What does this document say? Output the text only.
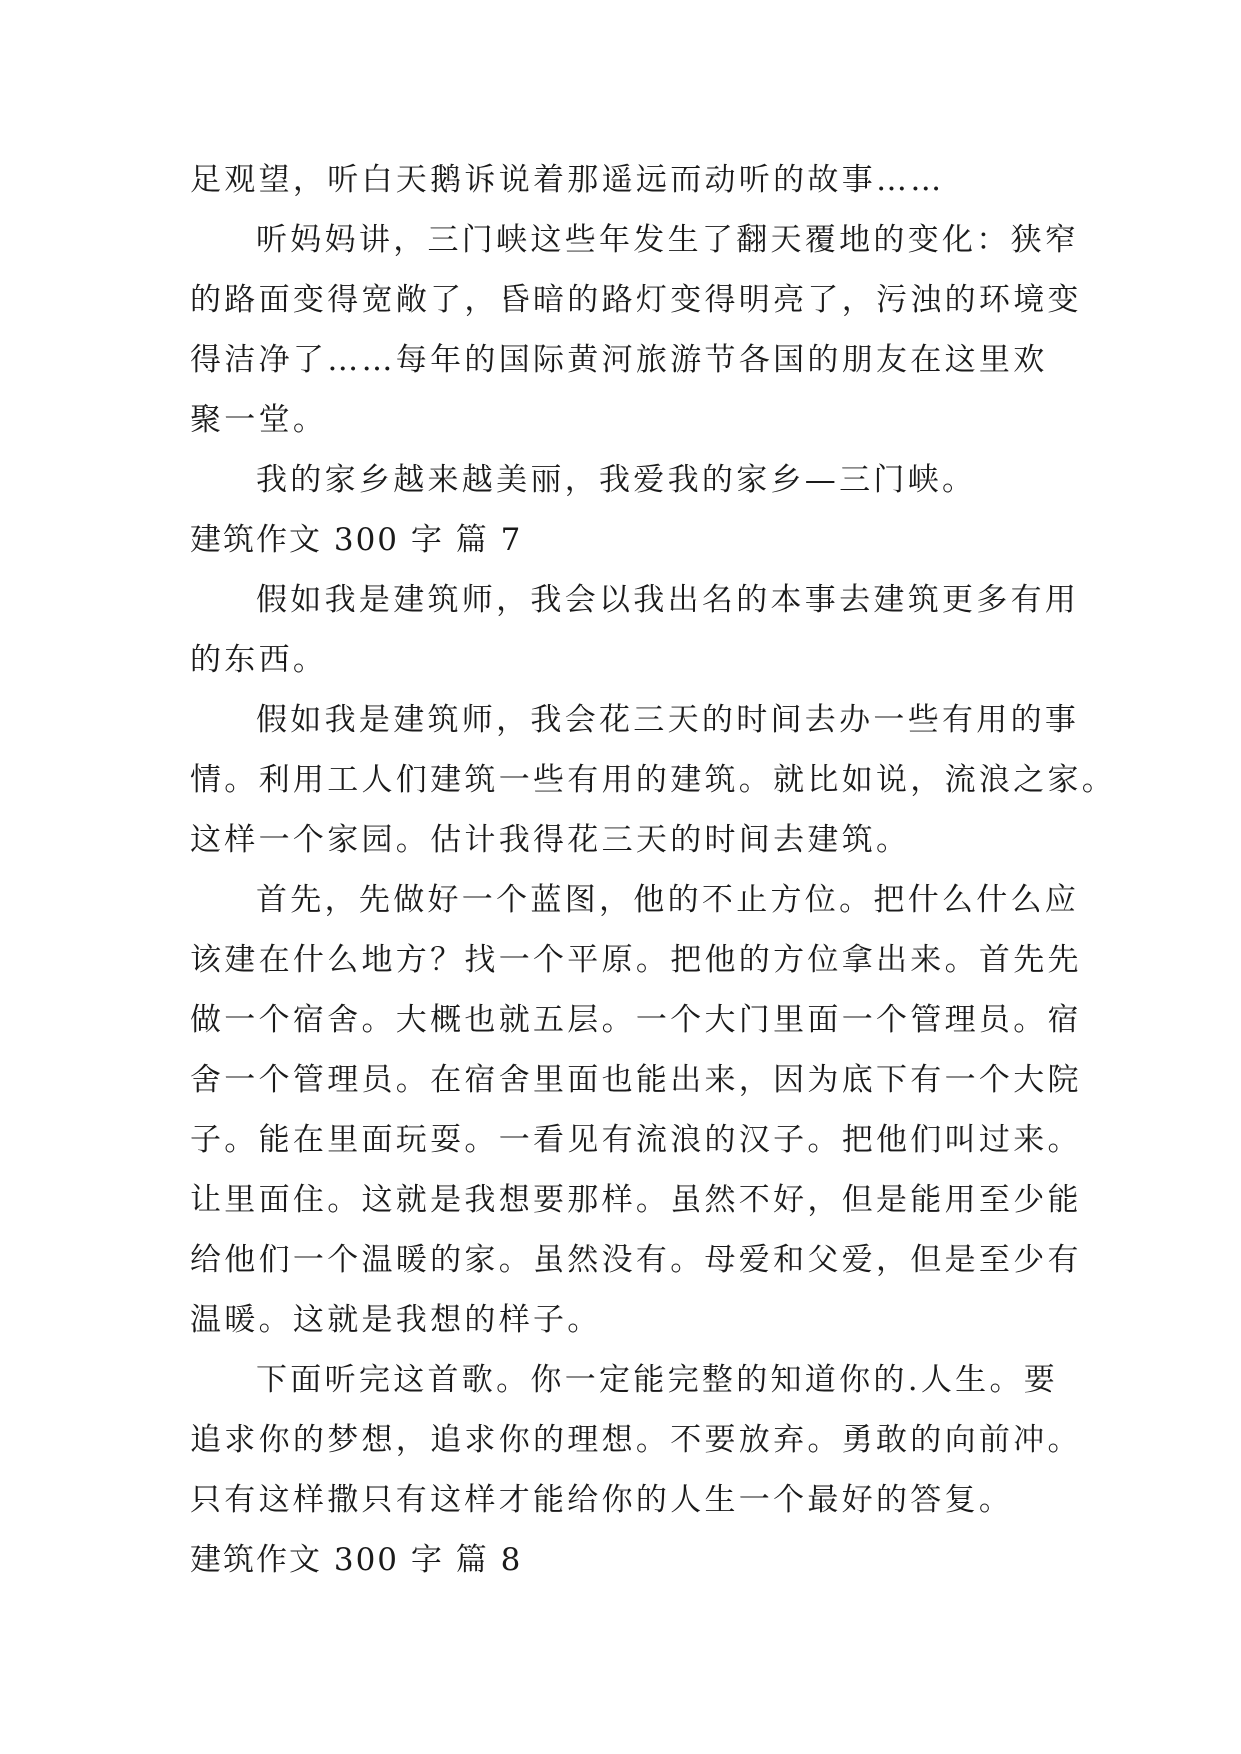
足观望，听白天鹅诉说着那遥远而动听的故事……
听妈妈讲，三门峡这些年发生了翻天覆地的变化：狭窄
的路面变得宽敞了，昏暗的路灯变得明亮了，污浊的环境变
得洁净了……每年的国际黄河旅游节各国的朋友在这里欢
聚一堂。
我的家乡越来越美丽，我爱我的家乡—三门峡。
建筑作文 300 字 篇 7
假如我是建筑师，我会以我出名的本事去建筑更多有用
的东西。
假如我是建筑师，我会花三天的时间去办一些有用的事
情。利用工人们建筑一些有用的建筑。就比如说，流浪之家。
这样一个家园。估计我得花三天的时间去建筑。
首先，先做好一个蓝图，他的不止方位。把什么什么应
该建在什么地方？找一个平原。把他的方位拿出来。首先先
做一个宿舍。大概也就五层。一个大门里面一个管理员。宿
舍一个管理员。在宿舍里面也能出来，因为底下有一个大院
子。能在里面玩耍。一看见有流浪的汉子。把他们叫过来。
让里面住。这就是我想要那样。虽然不好，但是能用至少能
给他们一个温暖的家。虽然没有。母爱和父爱，但是至少有
温暖。这就是我想的样子。
下面听完这首歌。你一定能完整的知道你的.人生。要
追求你的梦想，追求你的理想。不要放弃。勇敢的向前冲。
只有这样撒只有这样才能给你的人生一个最好的答复。
建筑作文 300 字 篇 8
